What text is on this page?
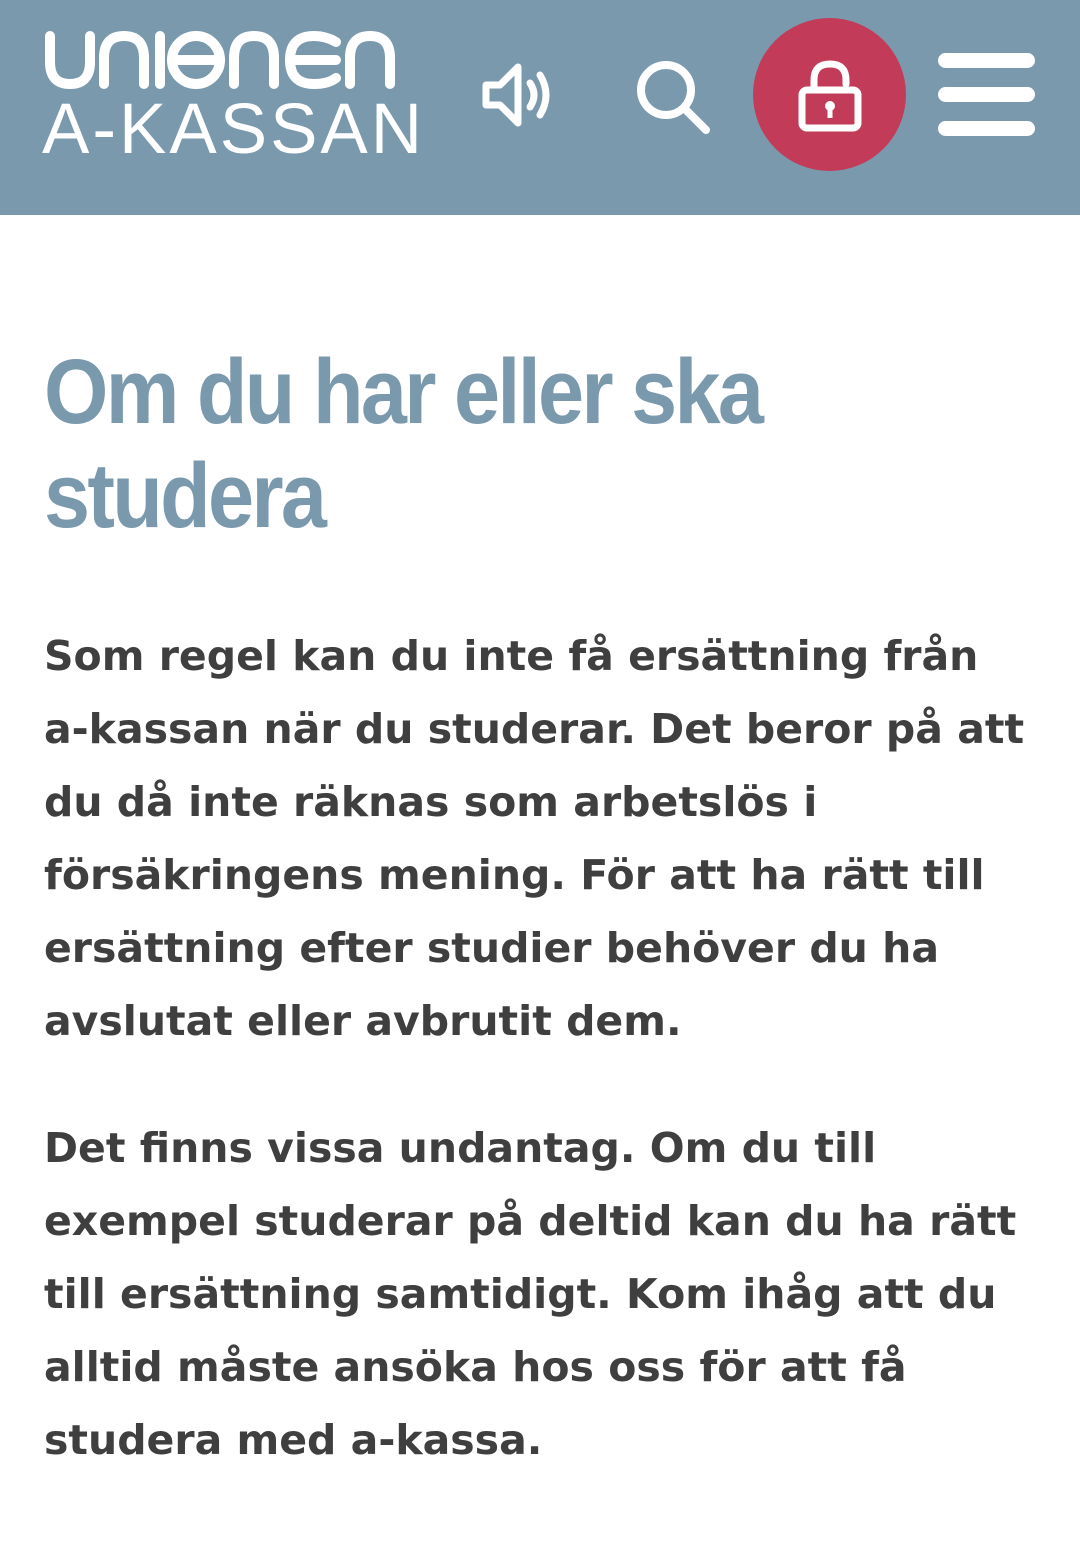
A-KASSAN
Om du har eller ska studera

Som regel kan du inte få ersättning från a-kassan när du studerar. Det beror på att du då inte räknas som arbetslös i försäkringens mening. För att ha rätt till ersättning efter studier behöver du ha avslutat eller avbrutit dem.

Det finns vissa undantag. Om du till exempel studerar på deltid kan du ha rätt till ersättning samtidigt. Kom ihåg att du alltid måste ansöka hos oss för att få studera med a-kassa.
